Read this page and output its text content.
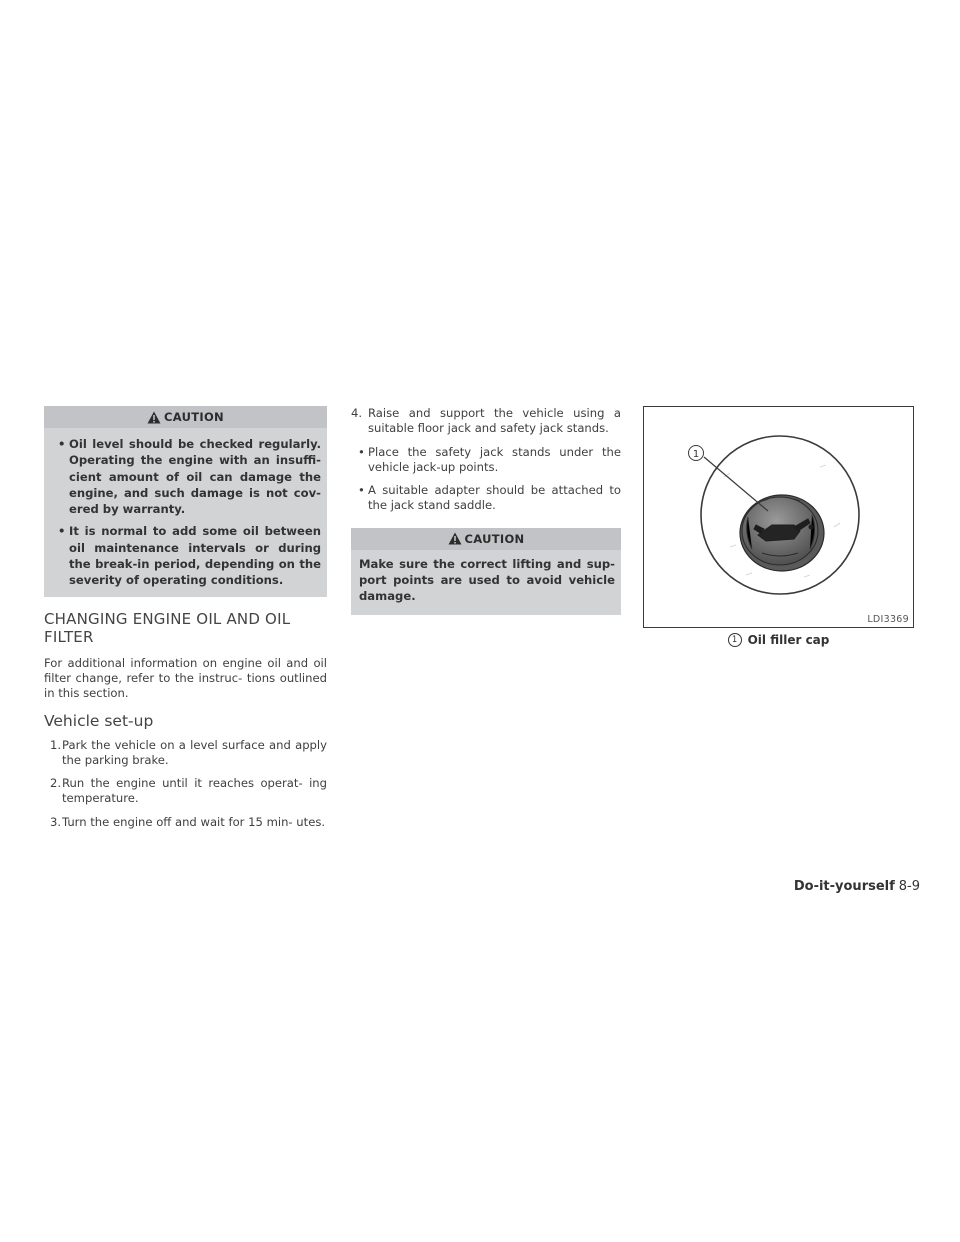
CAUTION
• Oil level should be checked regularly. Operating the engine with an insuffi- cient amount of oil can damage the engine, and such damage is not cov- ered by warranty.
• It is normal to add some oil between oil maintenance intervals or during the break-in period, depending on the severity of operating conditions.
CHANGING ENGINE OIL AND OIL FILTER

For additional information on engine oil and oil filter change, refer to the instruc- tions outlined in this section.

Vehicle set-up
1.Park the vehicle on a level surface and apply the parking brake.
2.Run the engine until it reaches operat- ing temperature.
3.Turn the engine off and wait for 15 min- utes.
4. Raise and support the vehicle using a suitable floor jack and safety jack stands.
• Place the safety jack stands under the vehicle jack-up points.
• A suitable adapter should be attached to the jack stand saddle.
CAUTION

Make sure the correct lifting and sup- port points are used to avoid vehicle damage.

1
LDI3369
1 Oil filler cap
Do-it-yourself 8-9
